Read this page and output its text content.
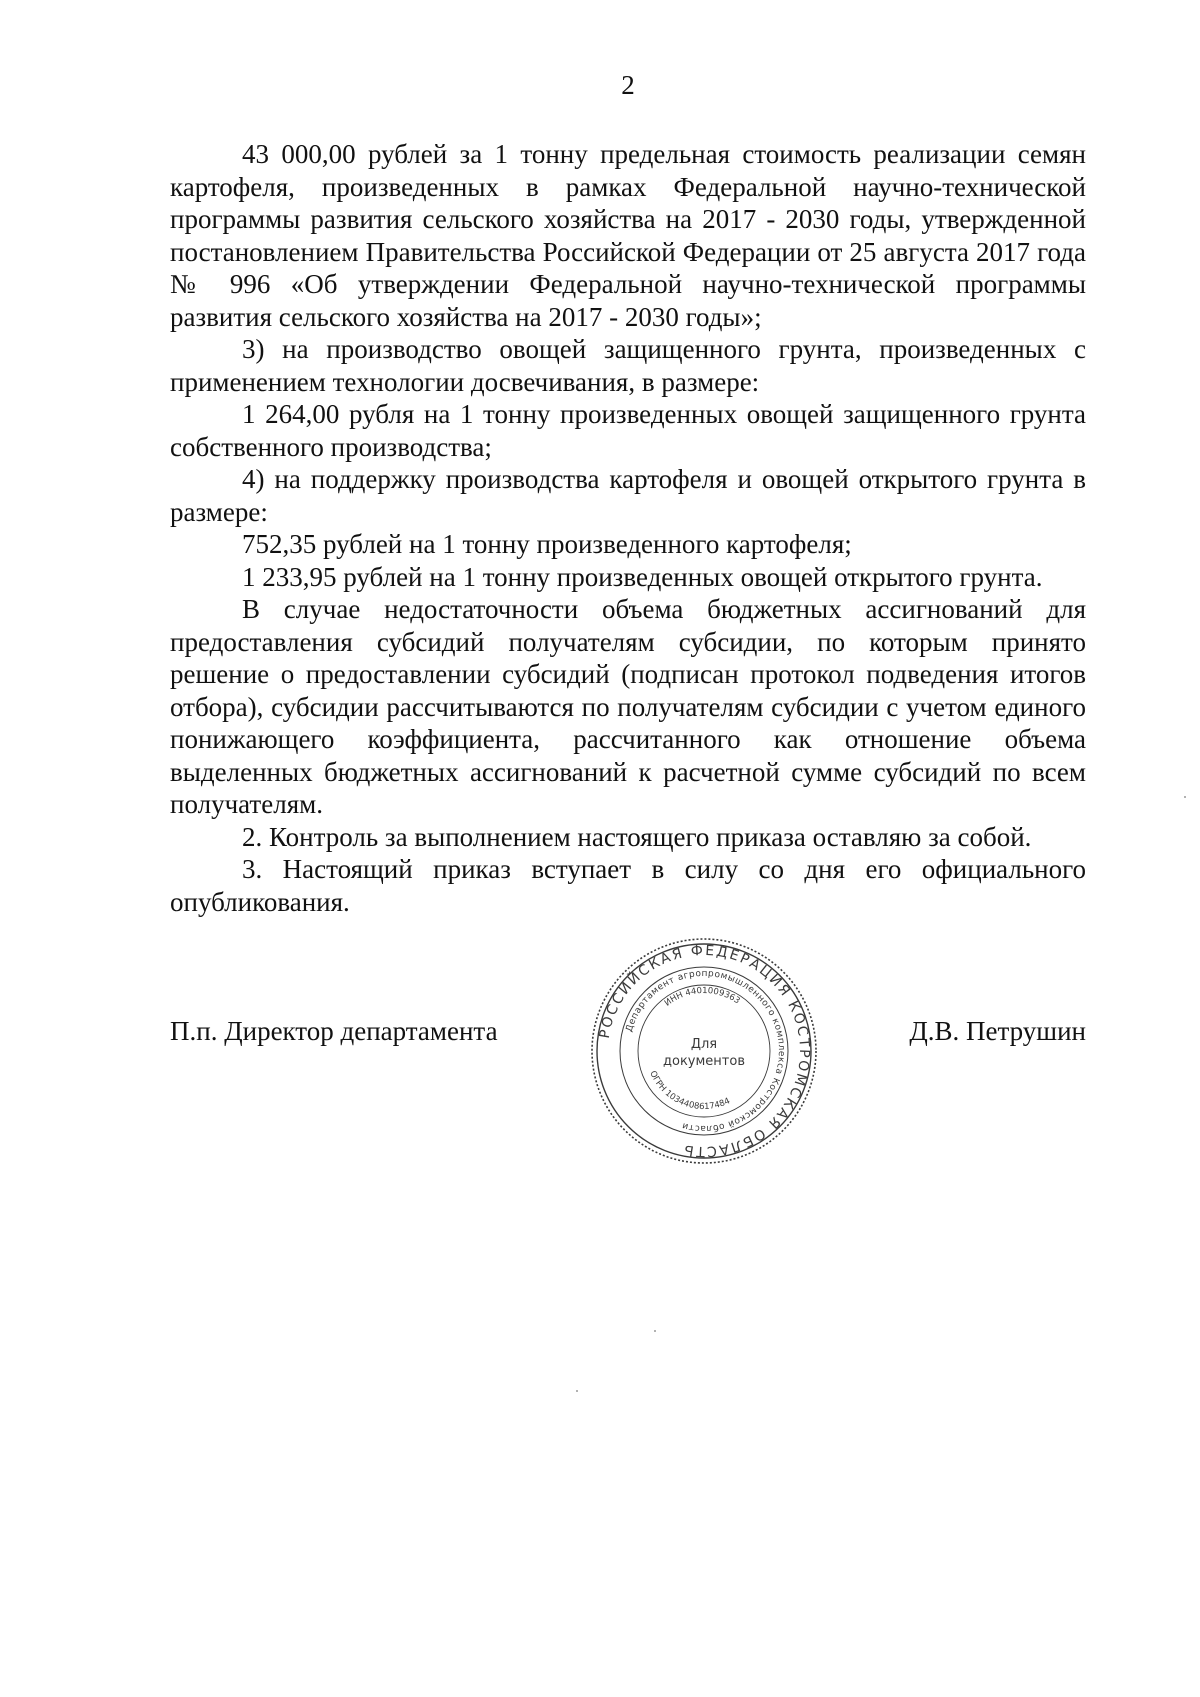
2

43 000,00 рублей за 1 тонну предельная стоимость реализации семян картофеля, произведенных в рамках Федеральной научно-технической программы развития сельского хозяйства на 2017 - 2030 годы, утвержденной постановлением Правительства Российской Федерации от 25 августа 2017 года № 996 «Об утверждении Федеральной научно-технической программы развития сельского хозяйства на 2017 - 2030 годы»;

3) на производство овощей защищенного грунта, произведенных с применением технологии досвечивания, в размере:

1 264,00 рубля на 1 тонну произведенных овощей защищенного грунта собственного производства;

4) на поддержку производства картофеля и овощей открытого грунта в размере:

752,35 рублей на 1 тонну произведенного картофеля;

1 233,95 рублей на 1 тонну произведенных овощей открытого грунта.

В случае недостаточности объема бюджетных ассигнований для предоставления субсидий получателям субсидии, по которым принято решение о предоставлении субсидий (подписан протокол подведения итогов отбора), субсидии рассчитываются по получателям субсидии с учетом единого понижающего коэффициента, рассчитанного как отношение объема выделенных бюджетных ассигнований к расчетной сумме субсидий по всем получателям.

2. Контроль за выполнением настоящего приказа оставляю за собой.

3. Настоящий приказ вступает в силу со дня его официального опубликования.

П.п. Директор департамента	Д.В. Петрушин
РОССИЙСКАЯ ФЕДЕРАЦИЯ КОСТРОМСКАЯ ОБЛАСТЬ
Департамент агропромышленного комплекса Костромской области
ИНН 4401009363
ОГРН 1034408617484
Для
документов
